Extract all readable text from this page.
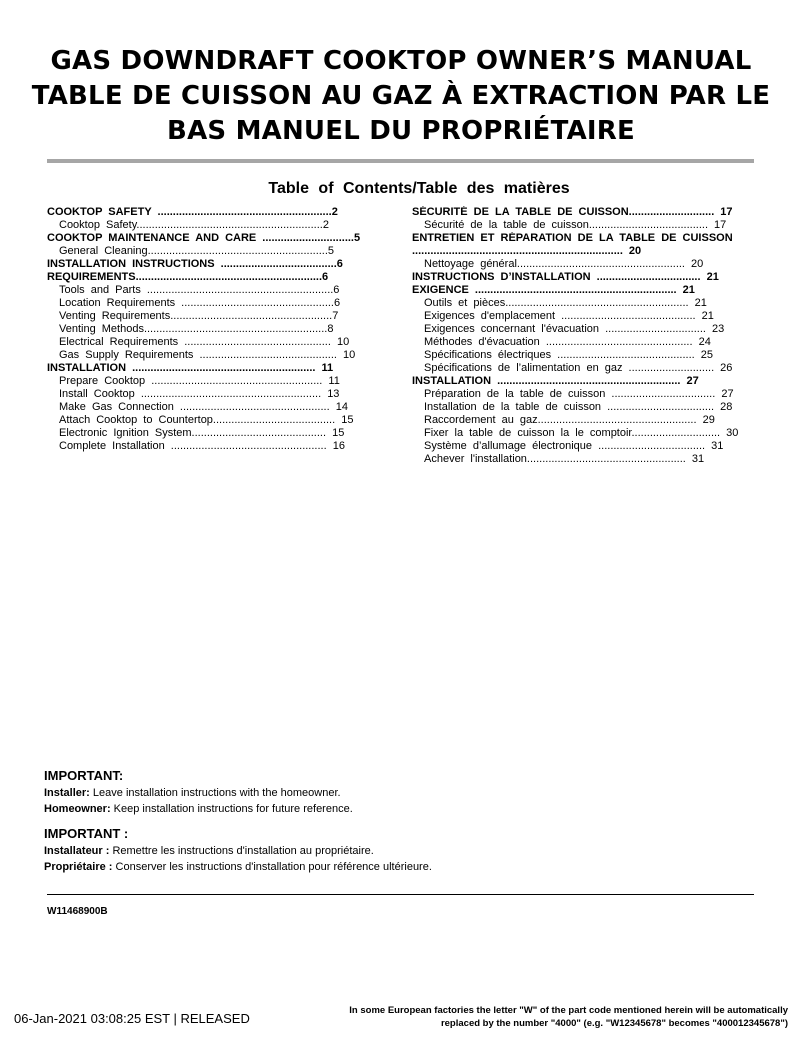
GAS DOWNDRAFT COOKTOP OWNER’S MANUAL
TABLE DE CUISSON AU GAZ À EXTRACTION PAR LE
BAS MANUEL DU PROPRIÉTAIRE
Table of Contents/Table des matières
COOKTOP SAFETY .........................................................2
Cooktop Safety.............................................................2
COOKTOP MAINTENANCE AND CARE ..............................5
General Cleaning...........................................................5
INSTALLATION INSTRUCTIONS ......................................6
REQUIREMENTS.............................................................6
Tools and Parts .............................................................6
Location Requirements ..................................................6
Venting Requirements.....................................................7
Venting Methods............................................................8
Electrical Requirements ................................................ 10
Gas Supply Requirements ............................................. 10
INSTALLATION ............................................................ 11
Prepare Cooktop ........................................................ 11
Install Cooktop ........................................................... 13
Make Gas Connection ................................................. 14
Attach Cooktop to Countertop........................................ 15
Electronic Ignition System............................................ 15
Complete Installation ................................................... 16
SÉCURITÉ DE LA TABLE DE CUISSON............................ 17
Sécurité de la table de cuisson....................................... 17
ENTRETIEN ET RÉPARATION DE LA TABLE DE CUISSON ..................................................................... 20
Nettoyage général....................................................... 20
INSTRUCTIONS D’INSTALLATION .................................. 21
EXIGENCE .................................................................. 21
Outils et pièces............................................................ 21
Exigences d'emplacement ............................................ 21
Exigences concernant l'évacuation ................................. 23
Méthodes d'évacuation ................................................ 24
Spécifications électriques ............................................. 25
Spécifications de l’alimentation en gaz ............................ 26
INSTALLATION ............................................................ 27
Préparation de la table de cuisson .................................. 27
Installation de la table de cuisson ................................... 28
Raccordement au gaz.................................................... 29
Fixer la table de cuisson la le comptoir............................. 30
Système d’allumage électronique ................................... 31
Achever l'installation.................................................... 31
IMPORTANT:
Installer: Leave installation instructions with the homeowner.
Homeowner: Keep installation instructions for future reference.
IMPORTANT :
Installateur : Remettre les instructions d'installation au propriétaire.
Propriétaire : Conserver les instructions d'installation pour référence ultérieure.
W11468900B
06-Jan-2021 03:08:25 EST | RELEASED
In some European factories the letter "W" of the part code mentioned herein will be automatically
replaced by the number "4000" (e.g. "W12345678" becomes "400012345678")
